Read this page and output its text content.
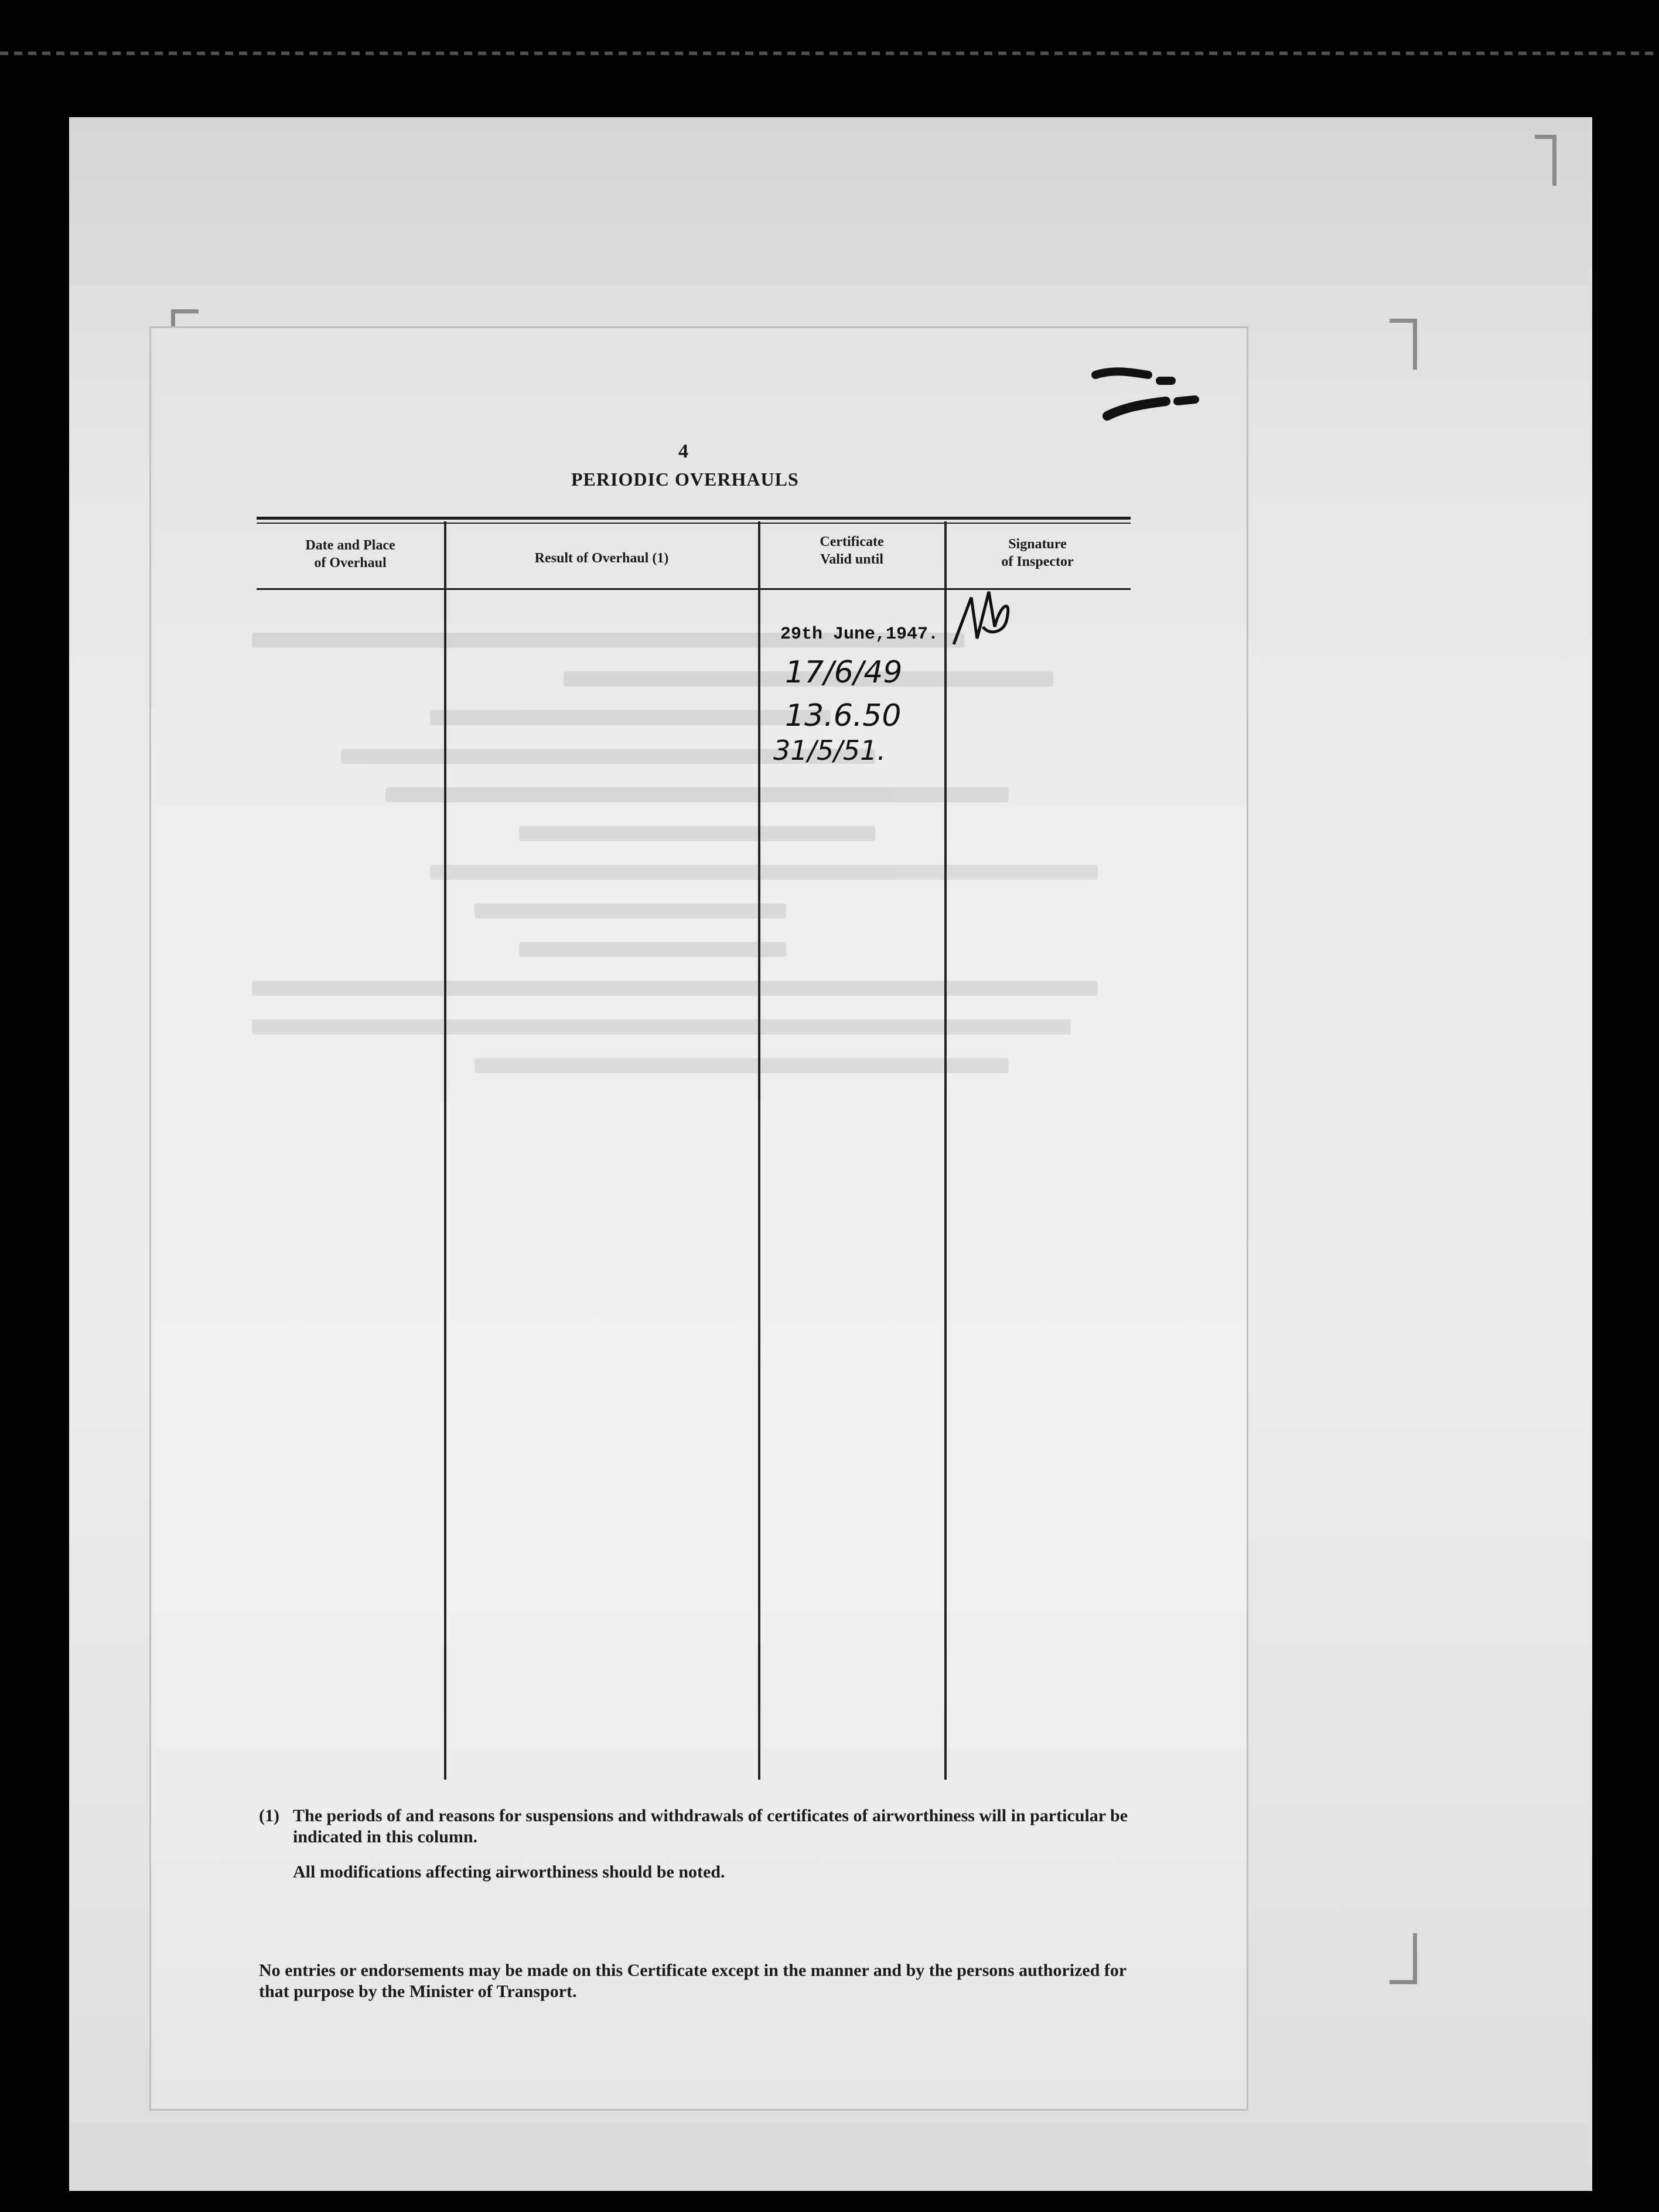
4
PERIODIC OVERHAULS
Date and Place
of Overhaul	Result of Overhaul (1)
Certificate
Valid until
Signature
of Inspector
29th June,1947.
17/6/49
13.6.50
31/5/51.
(1) The periods of and reasons for suspensions and withdrawals of certificates of airworthiness will in particular be indicated in this column.
All modifications affecting airworthiness should be noted.
No entries or endorsements may be made on this Certificate except in the manner and by the persons authorized for that purpose by the Minister of Transport.
